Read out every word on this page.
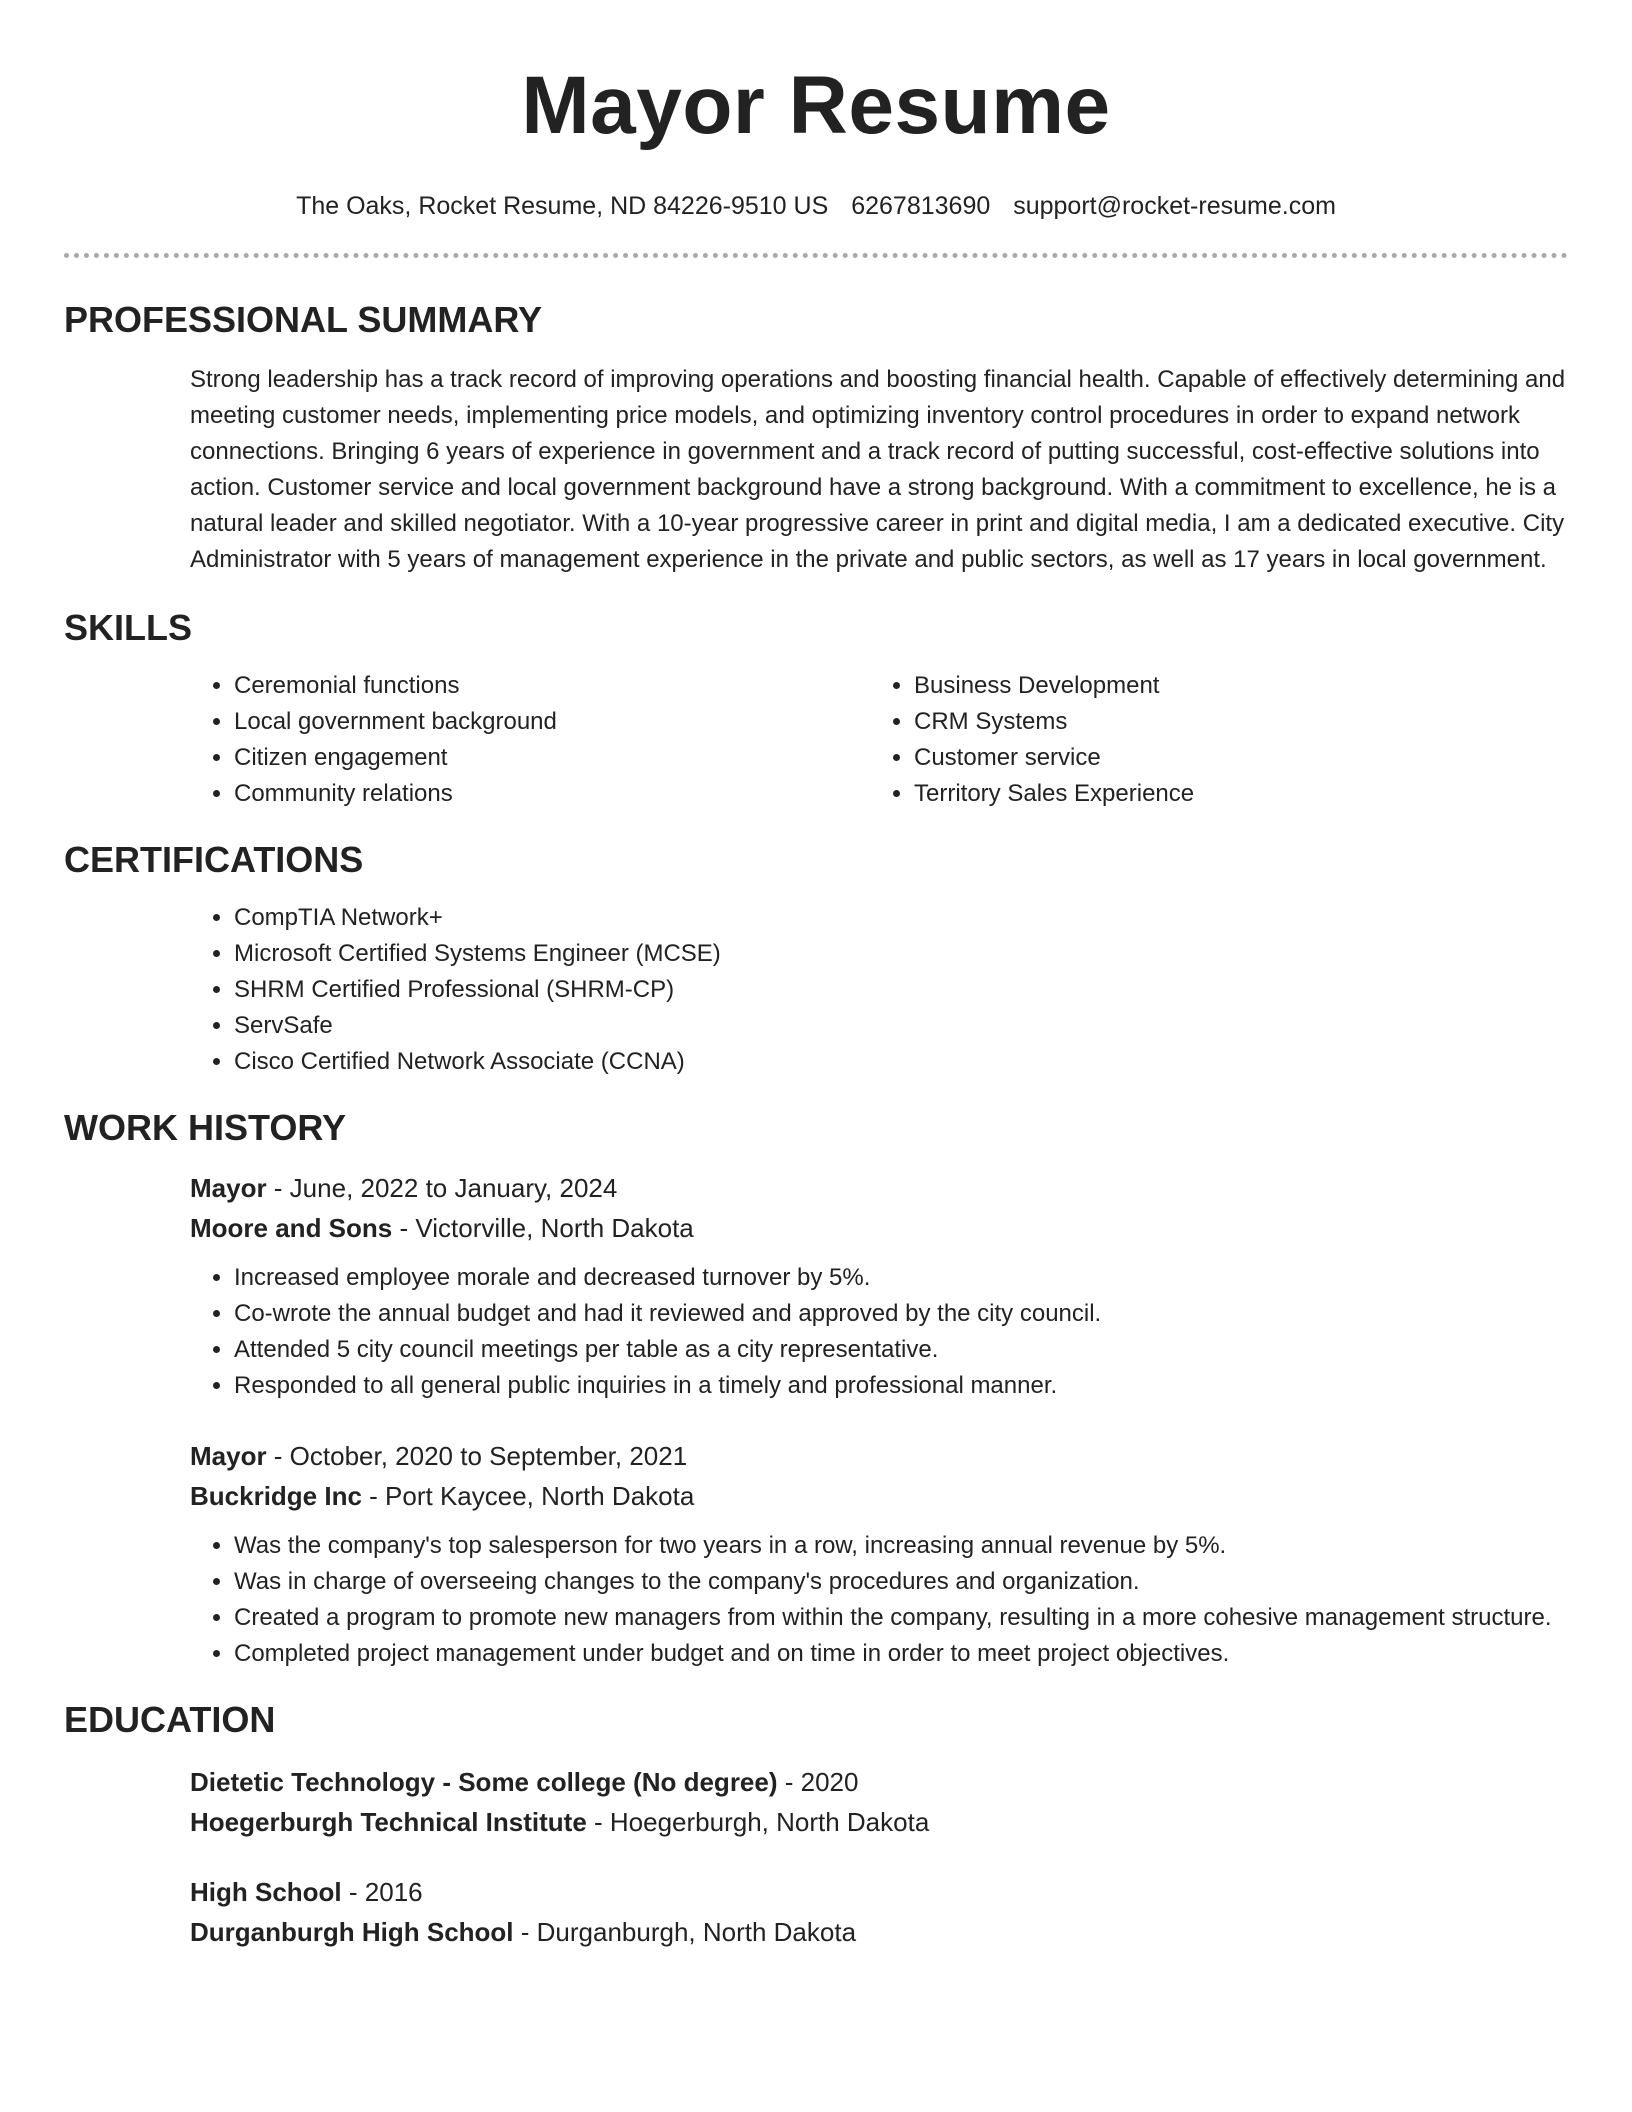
Mayor Resume
The Oaks, Rocket Resume, ND 84226-9510 US 6267813690 support@rocket-resume.com
PROFESSIONAL SUMMARY

Strong leadership has a track record of improving operations and boosting financial health. Capable of effectively determining and meeting customer needs, implementing price models, and optimizing inventory control procedures in order to expand network connections. Bringing 6 years of experience in government and a track record of putting successful, cost-effective solutions into action. Customer service and local government background have a strong background. With a commitment to excellence, he is a natural leader and skilled negotiator. With a 10-year progressive career in print and digital media, I am a dedicated executive. City Administrator with 5 years of management experience in the private and public sectors, as well as 17 years in local government.

SKILLS
• Ceremonial functions
• Local government background
• Citizen engagement
• Community relations
• Business Development
• CRM Systems
• Customer service
• Territory Sales Experience
CERTIFICATIONS
• CompTIA Network+
• Microsoft Certified Systems Engineer (MCSE)
• SHRM Certified Professional (SHRM-CP)
• ServSafe
• Cisco Certified Network Associate (CCNA)
WORK HISTORY
Mayor - June, 2022 to January, 2024
Moore and Sons - Victorville, North Dakota
• Increased employee morale and decreased turnover by 5%.
• Co-wrote the annual budget and had it reviewed and approved by the city council.
• Attended 5 city council meetings per table as a city representative.
• Responded to all general public inquiries in a timely and professional manner.
Mayor - October, 2020 to September, 2021
Buckridge Inc - Port Kaycee, North Dakota
• Was the company's top salesperson for two years in a row, increasing annual revenue by 5%.
• Was in charge of overseeing changes to the company's procedures and organization.
• Created a program to promote new managers from within the company, resulting in a more cohesive management structure.
• Completed project management under budget and on time in order to meet project objectives.
EDUCATION
Dietetic Technology - Some college (No degree) - 2020
Hoegerburgh Technical Institute - Hoegerburgh, North Dakota
High School - 2016
Durganburgh High School - Durganburgh, North Dakota
